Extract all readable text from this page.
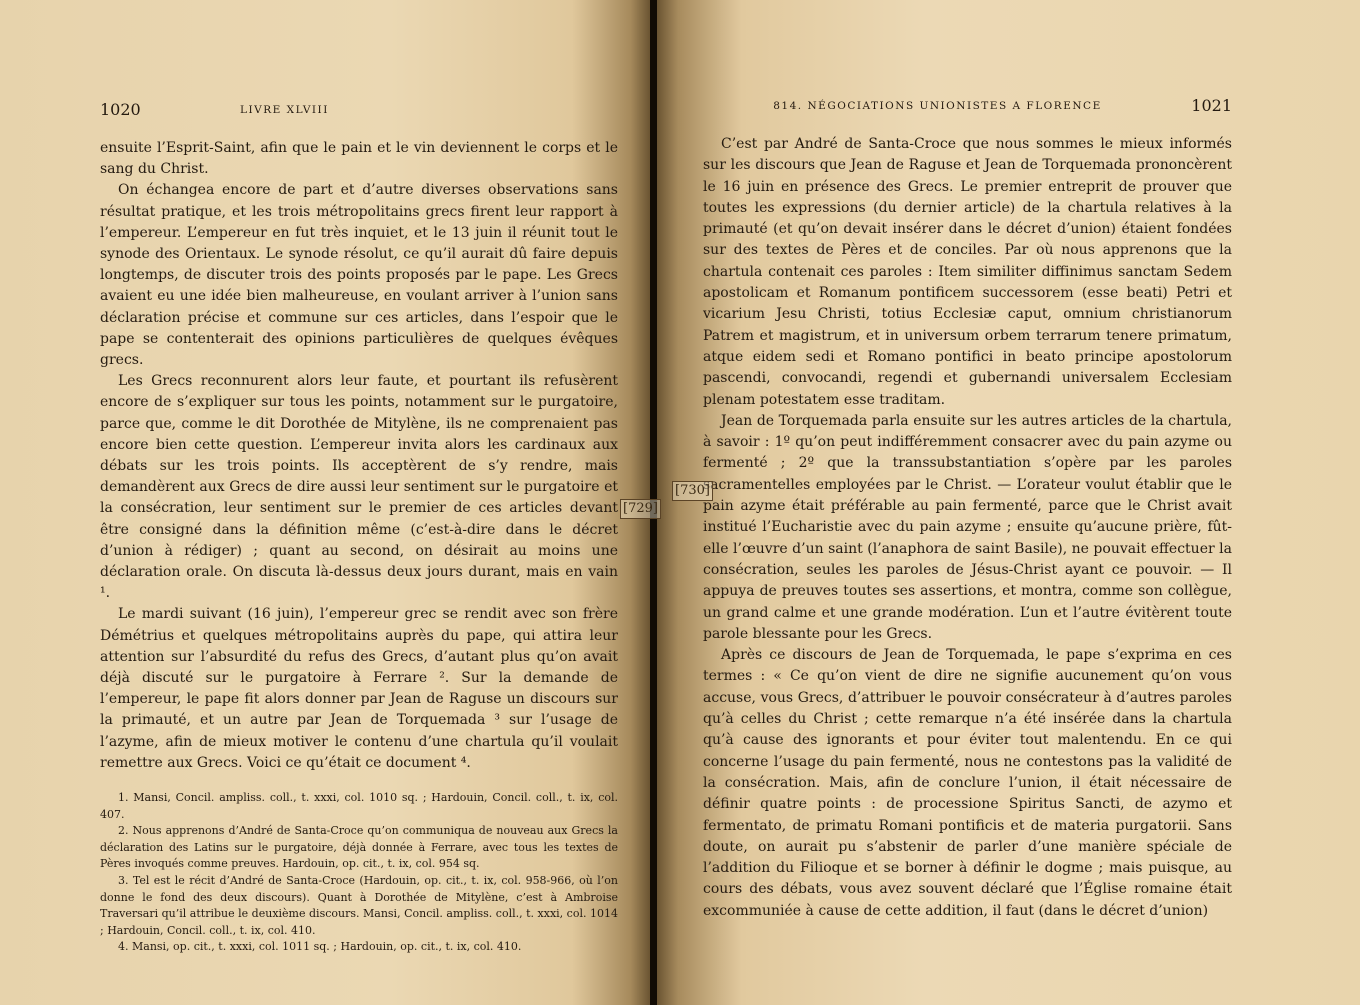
1020	LIVRE XLVIII

ensuite l’Esprit-Saint, afin que le pain et le vin deviennent le corps et le sang du Christ.

On échangea encore de part et d’autre diverses observations sans résultat pratique, et les trois métropolitains grecs firent leur rapport à l’empereur. L’empereur en fut très inquiet, et le 13 juin il réunit tout le synode des Orientaux. Le synode résolut, ce qu’il aurait dû faire depuis longtemps, de discuter trois des points proposés par le pape. Les Grecs avaient eu une idée bien malheureuse, en voulant arriver à l’union sans déclaration précise et commune sur ces articles, dans l’espoir que le pape se contenterait des opinions particulières de quelques évêques grecs.

Les Grecs reconnurent alors leur faute, et pourtant ils refusèrent encore de s’expliquer sur tous les points, notamment sur le purgatoire, parce que, comme le dit Dorothée de Mitylène, ils ne comprenaient pas encore bien cette question. L’empereur invita alors les cardinaux aux débats sur les trois points. Ils acceptèrent de s’y rendre, mais demandèrent aux Grecs de dire aussi leur sentiment sur le purgatoire et la consécration, leur sentiment sur le premier de ces articles devant être consigné dans la définition même (c’est-à-dire dans le décret d’union à rédiger) ; quant au second, on désirait au moins une déclaration orale. On discuta là-dessus deux jours durant, mais en vain ¹.

Le mardi suivant (16 juin), l’empereur grec se rendit avec son frère Démétrius et quelques métropolitains auprès du pape, qui attira leur attention sur l’absurdité du refus des Grecs, d’autant plus qu’on avait déjà discuté sur le purgatoire à Ferrare ². Sur la demande de l’empereur, le pape fit alors donner par Jean de Raguse un discours sur la primauté, et un autre par Jean de Torquemada ³ sur l’usage de l’azyme, afin de mieux motiver le contenu d’une chartula qu’il voulait remettre aux Grecs. Voici ce qu’était ce document ⁴.

1. Mansi, Concil. ampliss. coll., t. xxxi, col. 1010 sq. ; Hardouin, Concil. coll., t. ix, col. 407.

2. Nous apprenons d’André de Santa-Croce qu’on communiqua de nouveau aux Grecs la déclaration des Latins sur le purgatoire, déjà donnée à Ferrare, avec tous les textes de Pères invoqués comme preuves. Hardouin, op. cit., t. ix, col. 954 sq.

3. Tel est le récit d’André de Santa-Croce (Hardouin, op. cit., t. ix, col. 958-966, où l’on donne le fond des deux discours). Quant à Dorothée de Mitylène, c’est à Ambroise Traversari qu’il attribue le deuxième discours. Mansi, Concil. ampliss. coll., t. xxxi, col. 1014 ; Hardouin, Concil. coll., t. ix, col. 410.

4. Mansi, op. cit., t. xxxi, col. 1011 sq. ; Hardouin, op. cit., t. ix, col. 410.

814. NÉGOCIATIONS UNIONISTES A FLORENCE	1021

C’est par André de Santa-Croce que nous sommes le mieux informés sur les discours que Jean de Raguse et Jean de Torquemada prononcèrent le 16 juin en présence des Grecs. Le premier entreprit de prouver que toutes les expressions (du dernier article) de la chartula relatives à la primauté (et qu’on devait insérer dans le décret d’union) étaient fondées sur des textes de Pères et de conciles. Par où nous apprenons que la chartula contenait ces paroles : Item similiter diffinimus sanctam Sedem apostolicam et Romanum pontificem successorem (esse beati) Petri et vicarium Jesu Christi, totius Ecclesiæ caput, omnium christianorum Patrem et magistrum, et in universum orbem terrarum tenere primatum, atque eidem sedi et Romano pontifici in beato principe apostolorum pascendi, convocandi, regendi et gubernandi universalem Ecclesiam plenam potestatem esse traditam.

Jean de Torquemada parla ensuite sur les autres articles de la chartula, à savoir : 1º qu’on peut indifféremment consacrer avec du pain azyme ou fermenté ; 2º que la transsubstantiation s’opère par les paroles sacramentelles employées par le Christ. — L’orateur voulut établir que le pain azyme était préférable au pain fermenté, parce que le Christ avait institué l’Eucharistie avec du pain azyme ; ensuite qu’aucune prière, fût-elle l’œuvre d’un saint (l’anaphora de saint Basile), ne pouvait effectuer la consécration, seules les paroles de Jésus-Christ ayant ce pouvoir. — Il appuya de preuves toutes ses assertions, et montra, comme son collègue, un grand calme et une grande modération. L’un et l’autre évitèrent toute parole blessante pour les Grecs.

Après ce discours de Jean de Torquemada, le pape s’exprima en ces termes : « Ce qu’on vient de dire ne signifie aucunement qu’on vous accuse, vous Grecs, d’attribuer le pouvoir consécrateur à d’autres paroles qu’à celles du Christ ; cette remarque n’a été insérée dans la chartula qu’à cause des ignorants et pour éviter tout malentendu. En ce qui concerne l’usage du pain fermenté, nous ne contestons pas la validité de la consécration. Mais, afin de conclure l’union, il était nécessaire de définir quatre points : de processione Spiritus Sancti, de azymo et fermentato, de primatu Romani pontificis et de materia purgatorii. Sans doute, on aurait pu s’abstenir de parler d’une manière spéciale de l’addition du Filioque et se borner à définir le dogme ; mais puisque, au cours des débats, vous avez souvent déclaré que l’Église romaine était excommuniée à cause de cette addition, il faut (dans le décret d’union)

[729]
[730]
